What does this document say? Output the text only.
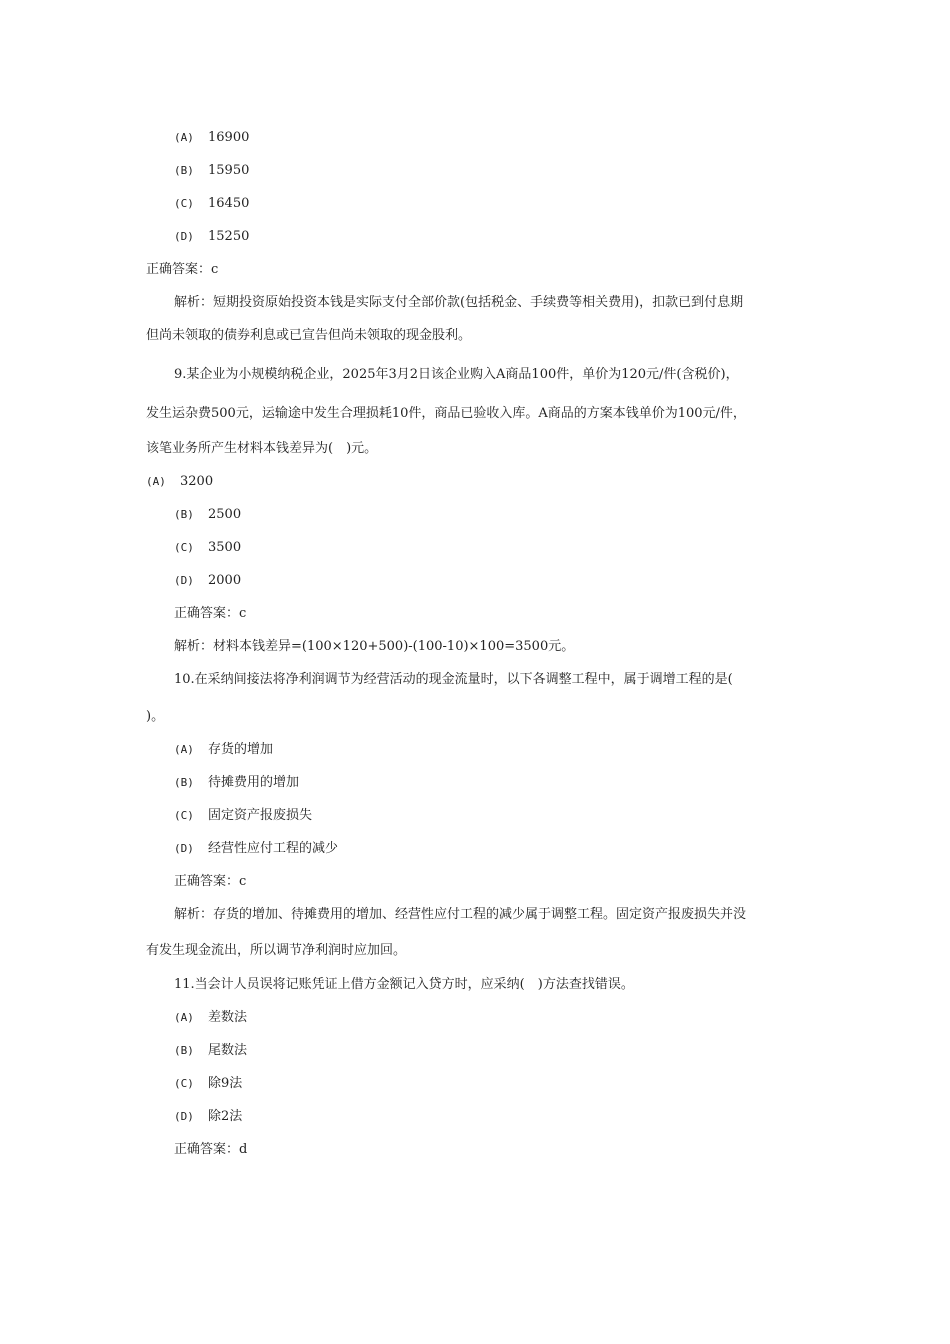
(A) 16900
(B) 15950
(C) 16450
(D) 15250
正确答案：c
解析：短期投资原始投资本钱是实际支付全部价款(包括税金、手续费等相关费用)，扣款已到付息期
但尚未领取的债券利息或已宣告但尚未领取的现金股利。
9.某企业为小规模纳税企业，2025年3月2日该企业购入A商品100件，单价为120元/件(含税价)，
发生运杂费500元，运输途中发生合理损耗10件，商品已验收入库。A商品的方案本钱单价为100元/件，
该笔业务所产生材料本钱差异为(　)元。
(A) 3200
(B) 2500
(C) 3500
(D) 2000
正确答案：c
解析：材料本钱差异=(100×120+500)-(100-10)×100=3500元。
10.在采纳间接法将净利润调节为经营活动的现金流量时，以下各调整工程中，属于调增工程的是(
)。
(A) 存货的增加
(B) 待摊费用的增加
(C) 固定资产报废损失
(D) 经营性应付工程的减少
正确答案：c
解析：存货的增加、待摊费用的增加、经营性应付工程的减少属于调整工程。固定资产报废损失并没
有发生现金流出，所以调节净利润时应加回。
11.当会计人员误将记账凭证上借方金额记入贷方时，应采纳(　)方法查找错误。
(A) 差数法
(B) 尾数法
(C) 除9法
(D) 除2法
正确答案：d
